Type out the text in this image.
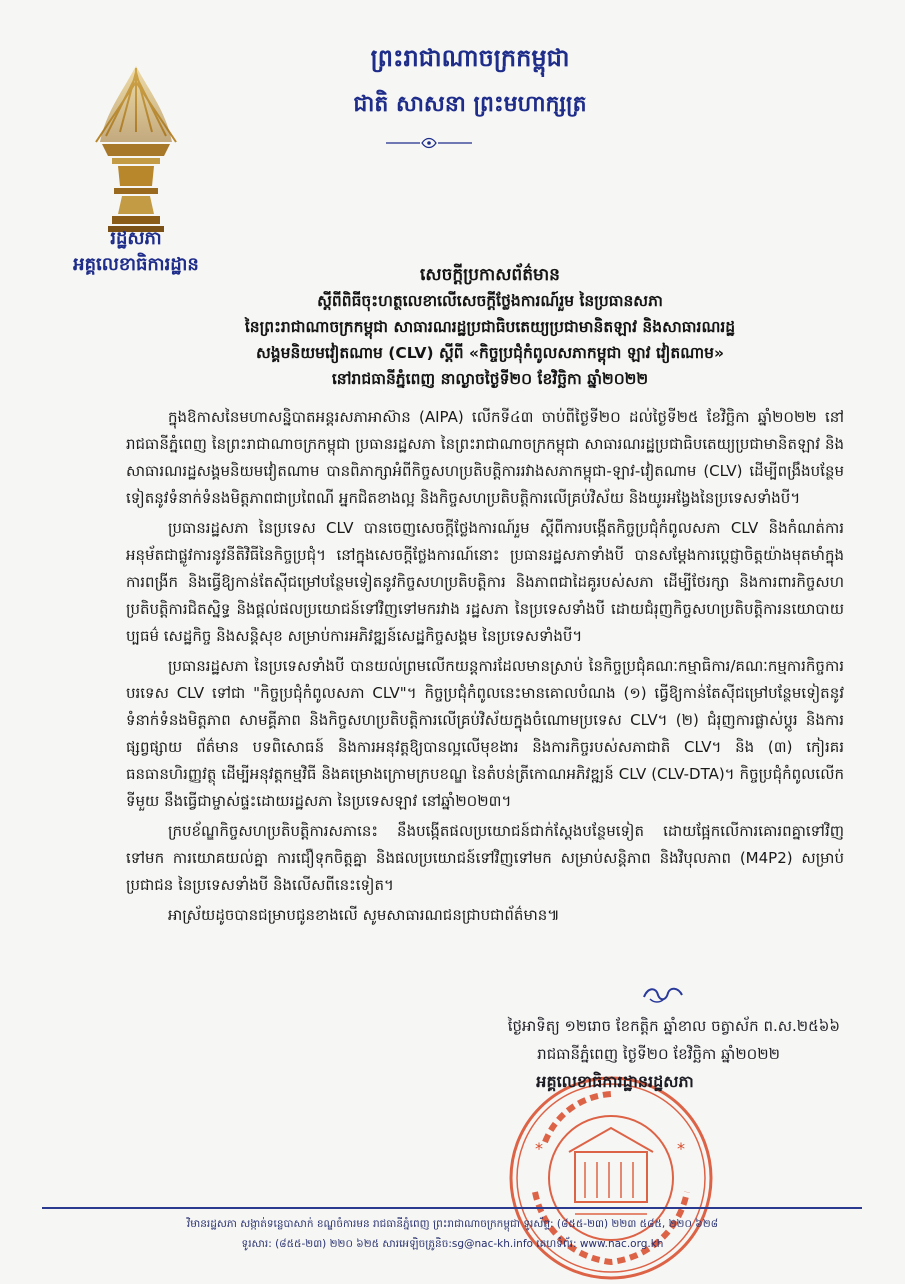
រដ្ឋសភា
អគ្គលេខាធិការដ្ឋាន
ព្រះរាជាណាចក្រកម្ពុជា
ជាតិ សាសនា ព្រះមហាក្សត្រ
សេចក្តីប្រកាសព័ត៌មាន
ស្តីពីពិធីចុះហត្ថលេខាលើសេចក្តីថ្លែងការណ៍រួម នៃប្រធានសភា
នៃព្រះរាជាណាចក្រកម្ពុជា សាធារណរដ្ឋប្រជាធិបតេយ្យប្រជាមានិតឡាវ និងសាធារណរដ្ឋ
សង្គមនិយមវៀតណាម (CLV) ស្តីពី «កិច្ចប្រជុំកំពូលសភាកម្ពុជា ឡាវ វៀតណាម»
នៅរាជធានីភ្នំពេញ នាល្ងាចថ្ងៃទី២០ ខែវិច្ឆិកា ឆ្នាំ២០២២

ក្នុងឱកាសនៃមហាសន្និបាតអន្តរសភាអាស៊ាន (AIPA) លើកទី៤៣ ចាប់ពីថ្ងៃទី២០ ដល់ថ្ងៃទី២៥ ខែវិច្ឆិកា ឆ្នាំ២០២២ នៅរាជធានីភ្នំពេញ នៃព្រះរាជាណាចក្រកម្ពុជា ប្រធានរដ្ឋសភា នៃព្រះរាជាណាចក្រកម្ពុជា សាធារណរដ្ឋប្រជាធិបតេយ្យប្រជាមានិតឡាវ និងសាធារណរដ្ឋសង្គមនិយមវៀតណាម បានពិភាក្សាអំពីកិច្ចសហប្រតិបត្តិការរវាងសភាកម្ពុជា-ឡាវ-វៀតណាម (CLV) ដើម្បីពង្រឹងបន្ថែមទៀតនូវទំនាក់ទំនងមិត្តភាពជាប្រពៃណី អ្នកជិតខាងល្អ និងកិច្ចសហប្រតិបត្តិការលើគ្រប់វិស័យ និងយូរអង្វែងនៃប្រទេសទាំងបី។

ប្រធានរដ្ឋសភា នៃប្រទេស CLV បានចេញសេចក្តីថ្លែងការណ៍រួម ស្តីពីការបង្កើតកិច្ចប្រជុំកំពូលសភា CLV និងកំណត់ការអនុម័តជាផ្លូវការនូវនីតិវិធីនៃកិច្ចប្រជុំ។ នៅក្នុងសេចក្តីថ្លែងការណ៍នោះ ប្រធានរដ្ឋសភាទាំងបី បានសម្តែងការប្តេជ្ញាចិត្តយ៉ាងមុតមាំក្នុងការពង្រីក និងធ្វើឱ្យកាន់តែស៊ីជម្រៅបន្ថែមទៀតនូវកិច្ចសហប្រតិបត្តិការ និងភាពជាដៃគូរបស់សភា ដើម្បីថែរក្សា និងការពារកិច្ចសហប្រតិបត្តិការជិតស្និទ្ធ និងផ្តល់ផលប្រយោជន៍ទៅវិញទៅមករវាង រដ្ឋសភា នៃប្រទេសទាំងបី ដោយជំរុញកិច្ចសហប្រតិបត្តិការនយោបាយ ប្បធម៌ សេដ្ឋកិច្ច និងសន្តិសុខ សម្រាប់ការអភិវឌ្ឍន៍សេដ្ឋកិច្ចសង្គម នៃប្រទេសទាំងបី។

ប្រធានរដ្ឋសភា នៃប្រទេសទាំងបី បានយល់ព្រមលើកយន្តការដែលមានស្រាប់ នៃកិច្ចប្រជុំគណៈកម្មាធិការ/គណៈកម្មការកិច្ចការបរទេស CLV ទៅជា "កិច្ចប្រជុំកំពូលសភា CLV"។ កិច្ចប្រជុំកំពូលនេះមានគោលបំណង (១) ធ្វើឱ្យកាន់តែស៊ីជម្រៅបន្ថែមទៀតនូវទំនាក់ទំនងមិត្តភាព សាមគ្គីភាព និងកិច្ចសហប្រតិបត្តិការលើគ្រប់វិស័យក្នុងចំណោមប្រទេស CLV។ (២) ជំរុញការផ្លាស់ប្តូរ និងការផ្សព្វផ្សាយ ព័ត៌មាន បទពិសោធន៍ និងការអនុវត្តឱ្យបានល្អលើមុខងារ និងការកិច្ចរបស់សភាជាតិ CLV។ និង (៣) កៀរគរធនធានហិរញ្ញវត្ថុ ដើម្បីអនុវត្តកម្មវិធី និងគម្រោងក្រោមក្របខណ្ឌ នៃតំបន់ត្រីកោណអភិវឌ្ឍន៍ CLV (CLV-DTA)។ កិច្ចប្រជុំកំពូលលើកទីមួយ នឹងធ្វើជាម្ចាស់ផ្ទះដោយរដ្ឋសភា នៃប្រទេសឡាវ នៅឆ្នាំ២០២៣។

ក្របខ័ណ្ឌកិច្ចសហប្រតិបត្តិការសភានេះ នឹងបង្កើតផលប្រយោជន៍ជាក់ស្តែងបន្ថែមទៀត ដោយផ្អែកលើការគោរពគ្នាទៅវិញទៅមក ការយោគយល់គ្នា ការជឿទុកចិត្តគ្នា និងផលប្រយោជន៍ទៅវិញទៅមក សម្រាប់សន្តិភាព និងវិបុលភាព (M4P2) សម្រាប់ប្រជាជន នៃប្រទេសទាំងបី និងលើសពីនេះទៀត។

អាស្រ័យដូចបានជម្រាបជូនខាងលើ សូមសាធារណជនជ្រាបជាព័ត៌មាន៕

ថ្ងៃអាទិត្យ ១២រោច ខែកត្តិក ឆ្នាំខាល ចត្វាស័ក ព.ស.២៥៦៦
រាជធានីភ្នំពេញ ថ្ងៃទី២០ ខែវិច្ឆិកា ឆ្នាំ២០២២
*	*
អគ្គលេខាធិការដ្ឋានរដ្ឋសភា
វិមានរដ្ឋសភា សង្កាត់ទន្លេបាសាក់ ខណ្ឌចំការមន រាជធានីភ្នំពេញ ព្រះរាជាណាចក្រកម្ពុជា ទូរស័ព្ទ: (៨៥៥-២៣) ២២៣ ៥៨៥, ២២០ ៦២៨
ទូរសារ: (៨៥៥-២៣) ២២០ ៦២៥ សារអេឡិចត្រូនិច:sg@nac-kh.info គេហទំព័រ: www.nac.org.kh
